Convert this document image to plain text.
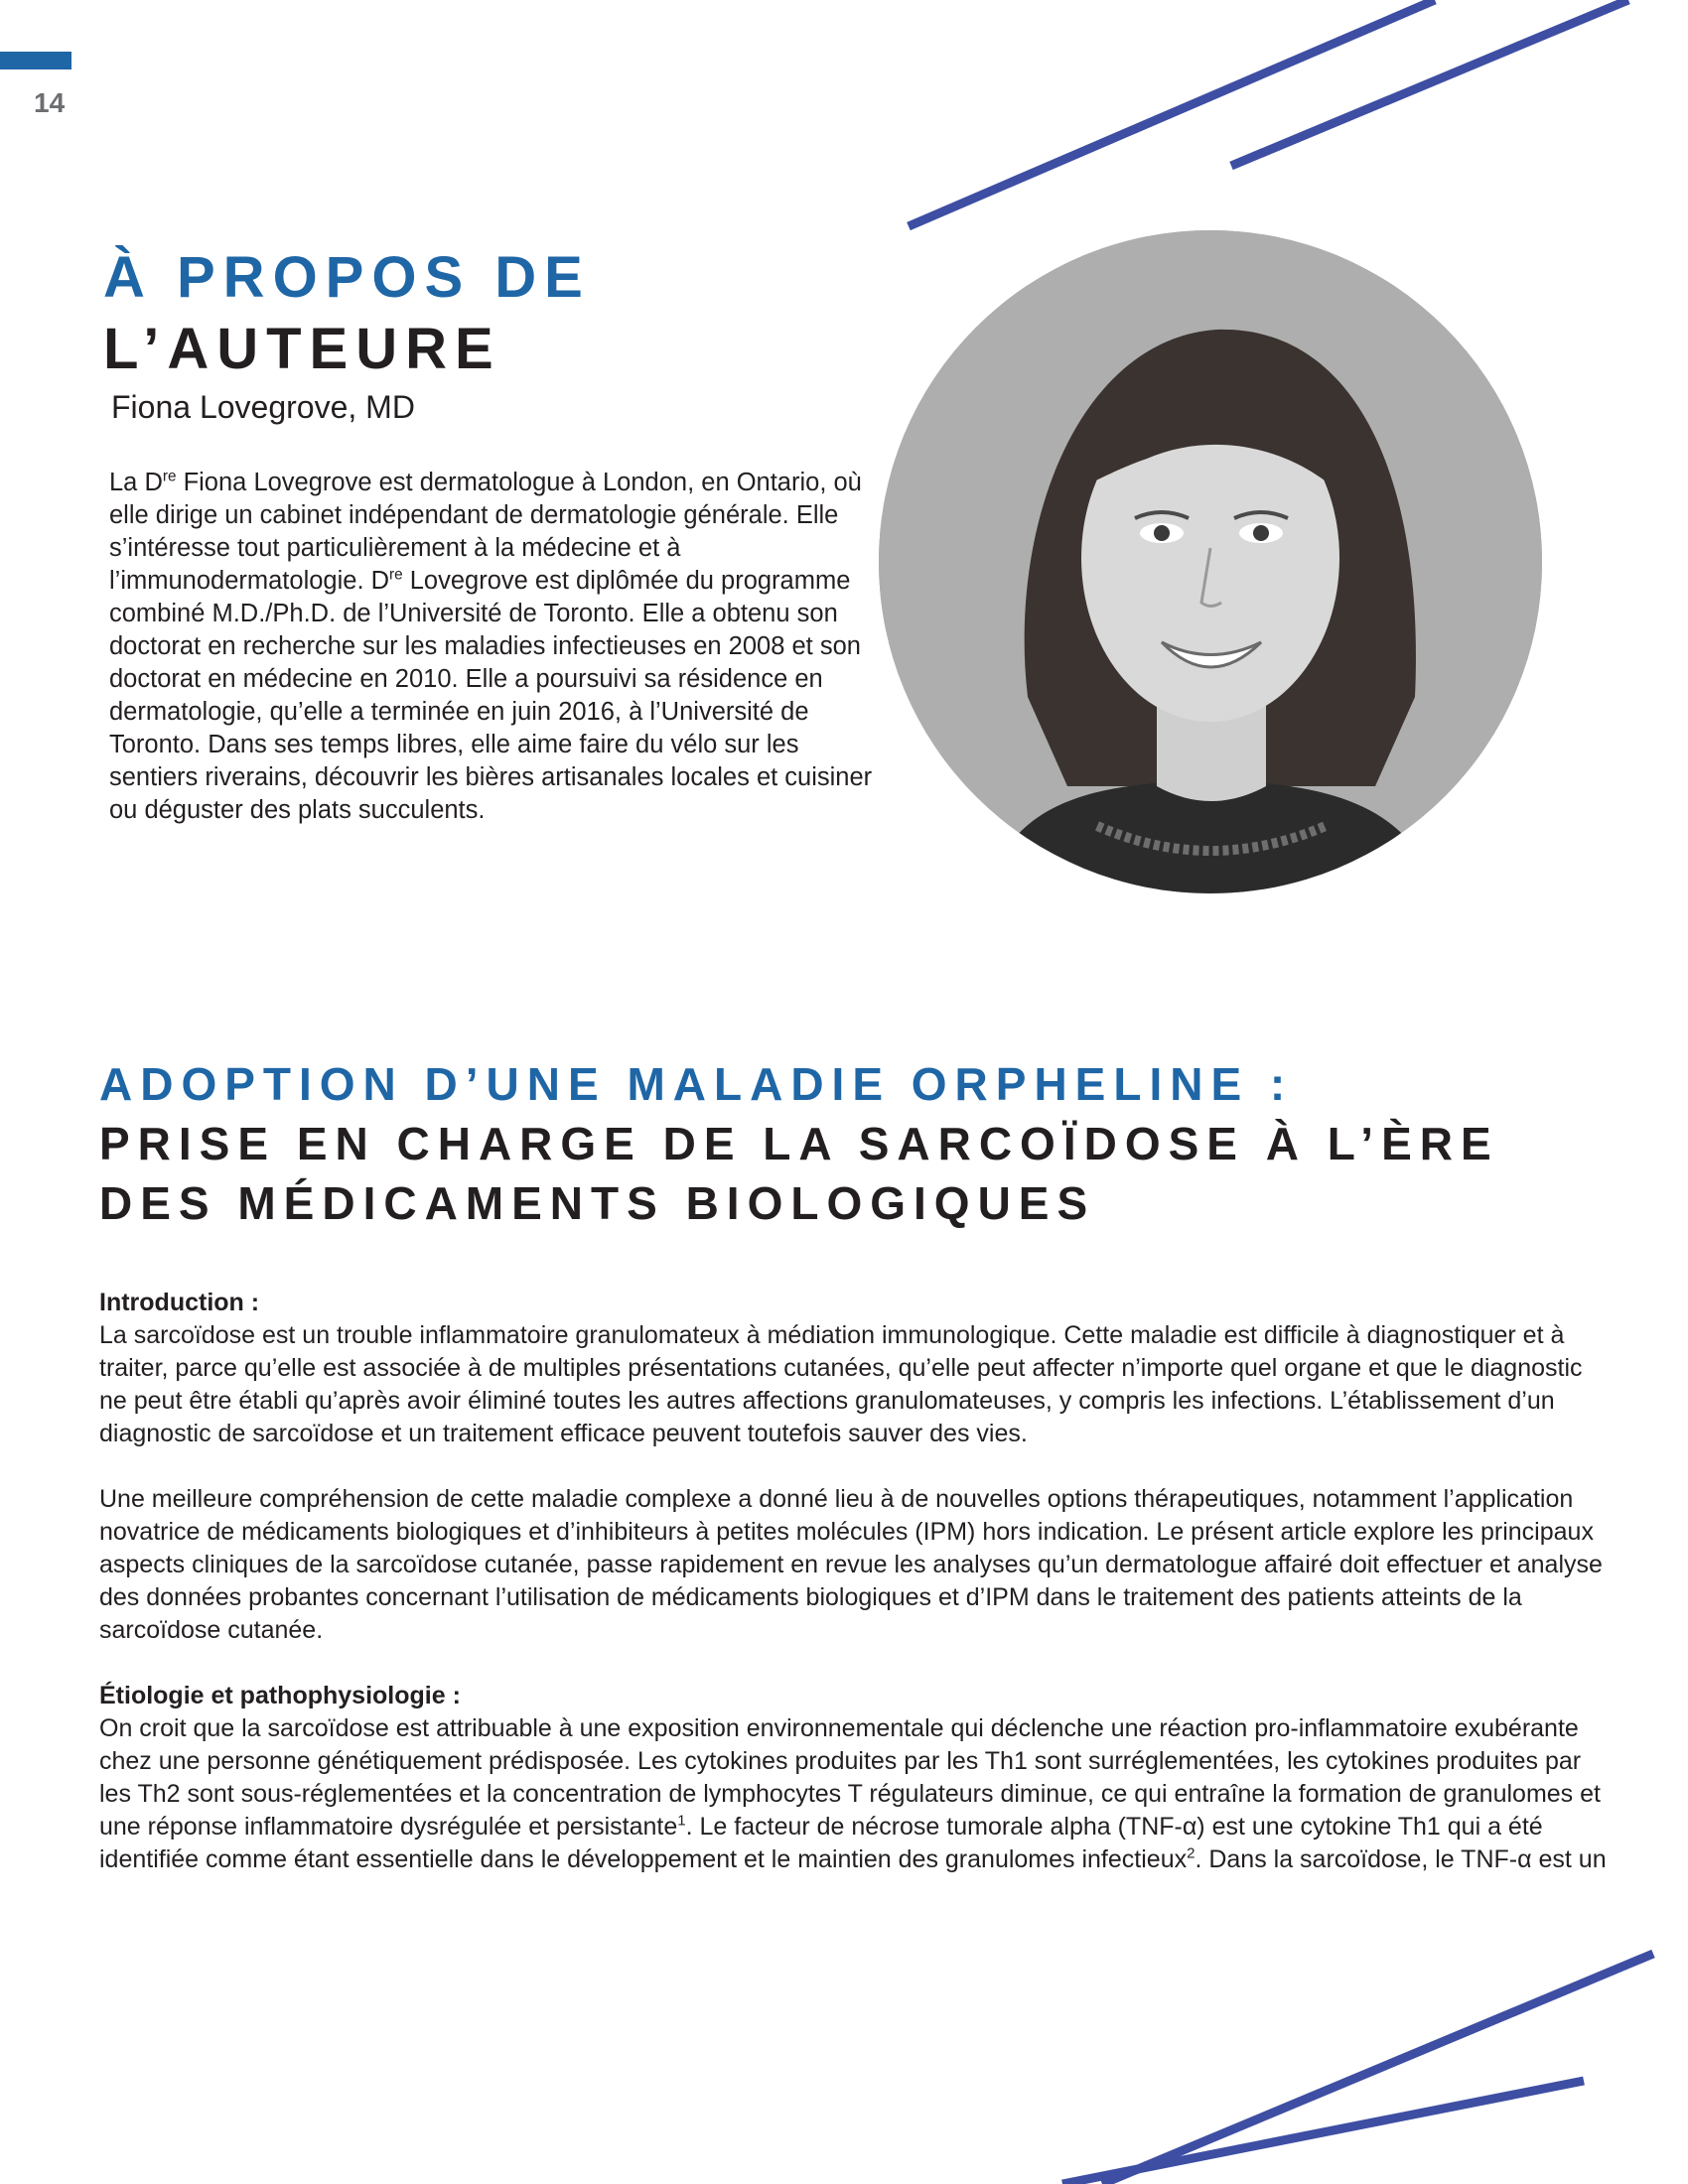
14
À PROPOS DE
L’AUTEURE
Fiona Lovegrove, MD

La Dre Fiona Lovegrove est dermatologue à London, en Ontario, où elle dirige un cabinet indépendant de dermatologie générale. Elle s’intéresse tout particulièrement à la médecine et à l’immunodermatologie. Dre Lovegrove est diplômée du programme combiné M.D./Ph.D. de l’Université de Toronto. Elle a obtenu son doctorat en recherche sur les maladies infectieuses en 2008 et son doctorat en médecine en 2010. Elle a poursuivi sa résidence en dermatologie, qu’elle a terminée en juin 2016, à l’Université de Toronto. Dans ses temps libres, elle aime faire du vélo sur les sentiers riverains, découvrir les bières artisanales locales et cuisiner ou déguster des plats succulents.

ADOPTION D’UNE MALADIE ORPHELINE :
PRISE EN CHARGE DE LA SARCOÏDOSE À L’ÈRE
DES MÉDICAMENTS BIOLOGIQUES

Introduction :

La sarcoïdose est un trouble inflammatoire granulomateux à médiation immunologique. Cette maladie est difficile à diagnostiquer et à traiter, parce qu’elle est associée à de multiples présentations cutanées, qu’elle peut affecter n’importe quel organe et que le diagnostic ne peut être établi qu’après avoir éliminé toutes les autres affections granulomateuses, y compris les infections. L’établissement d’un diagnostic de sarcoïdose et un traitement efficace peuvent toutefois sauver des vies.

Une meilleure compréhension de cette maladie complexe a donné lieu à de nouvelles options thérapeutiques, notamment l’application novatrice de médicaments biologiques et d’inhibiteurs à petites molécules (IPM) hors indication. Le présent article explore les principaux aspects cliniques de la sarcoïdose cutanée, passe rapidement en revue les analyses qu’un dermatologue affairé doit effectuer et analyse des données probantes concernant l’utilisation de médicaments biologiques et d’IPM dans le traitement des patients atteints de la sarcoïdose cutanée.

Étiologie et pathophysiologie :

On croit que la sarcoïdose est attribuable à une exposition environnementale qui déclenche une réaction pro-inflammatoire exubérante chez une personne génétiquement prédisposée. Les cytokines produites par les Th1 sont surréglementées, les cytokines produites par les Th2 sont sous-réglementées et la concentration de lymphocytes T régulateurs diminue, ce qui entraîne la formation de granulomes et une réponse inflammatoire dysrégulée et persistante$^1$. Le facteur de nécrose tumorale alpha (TNF-α) est une cytokine Th1 qui a été identifiée comme étant essentielle dans le développement et le maintien des granulomes infectieux$^2$. Dans la sarcoïdose, le TNF-α est un
